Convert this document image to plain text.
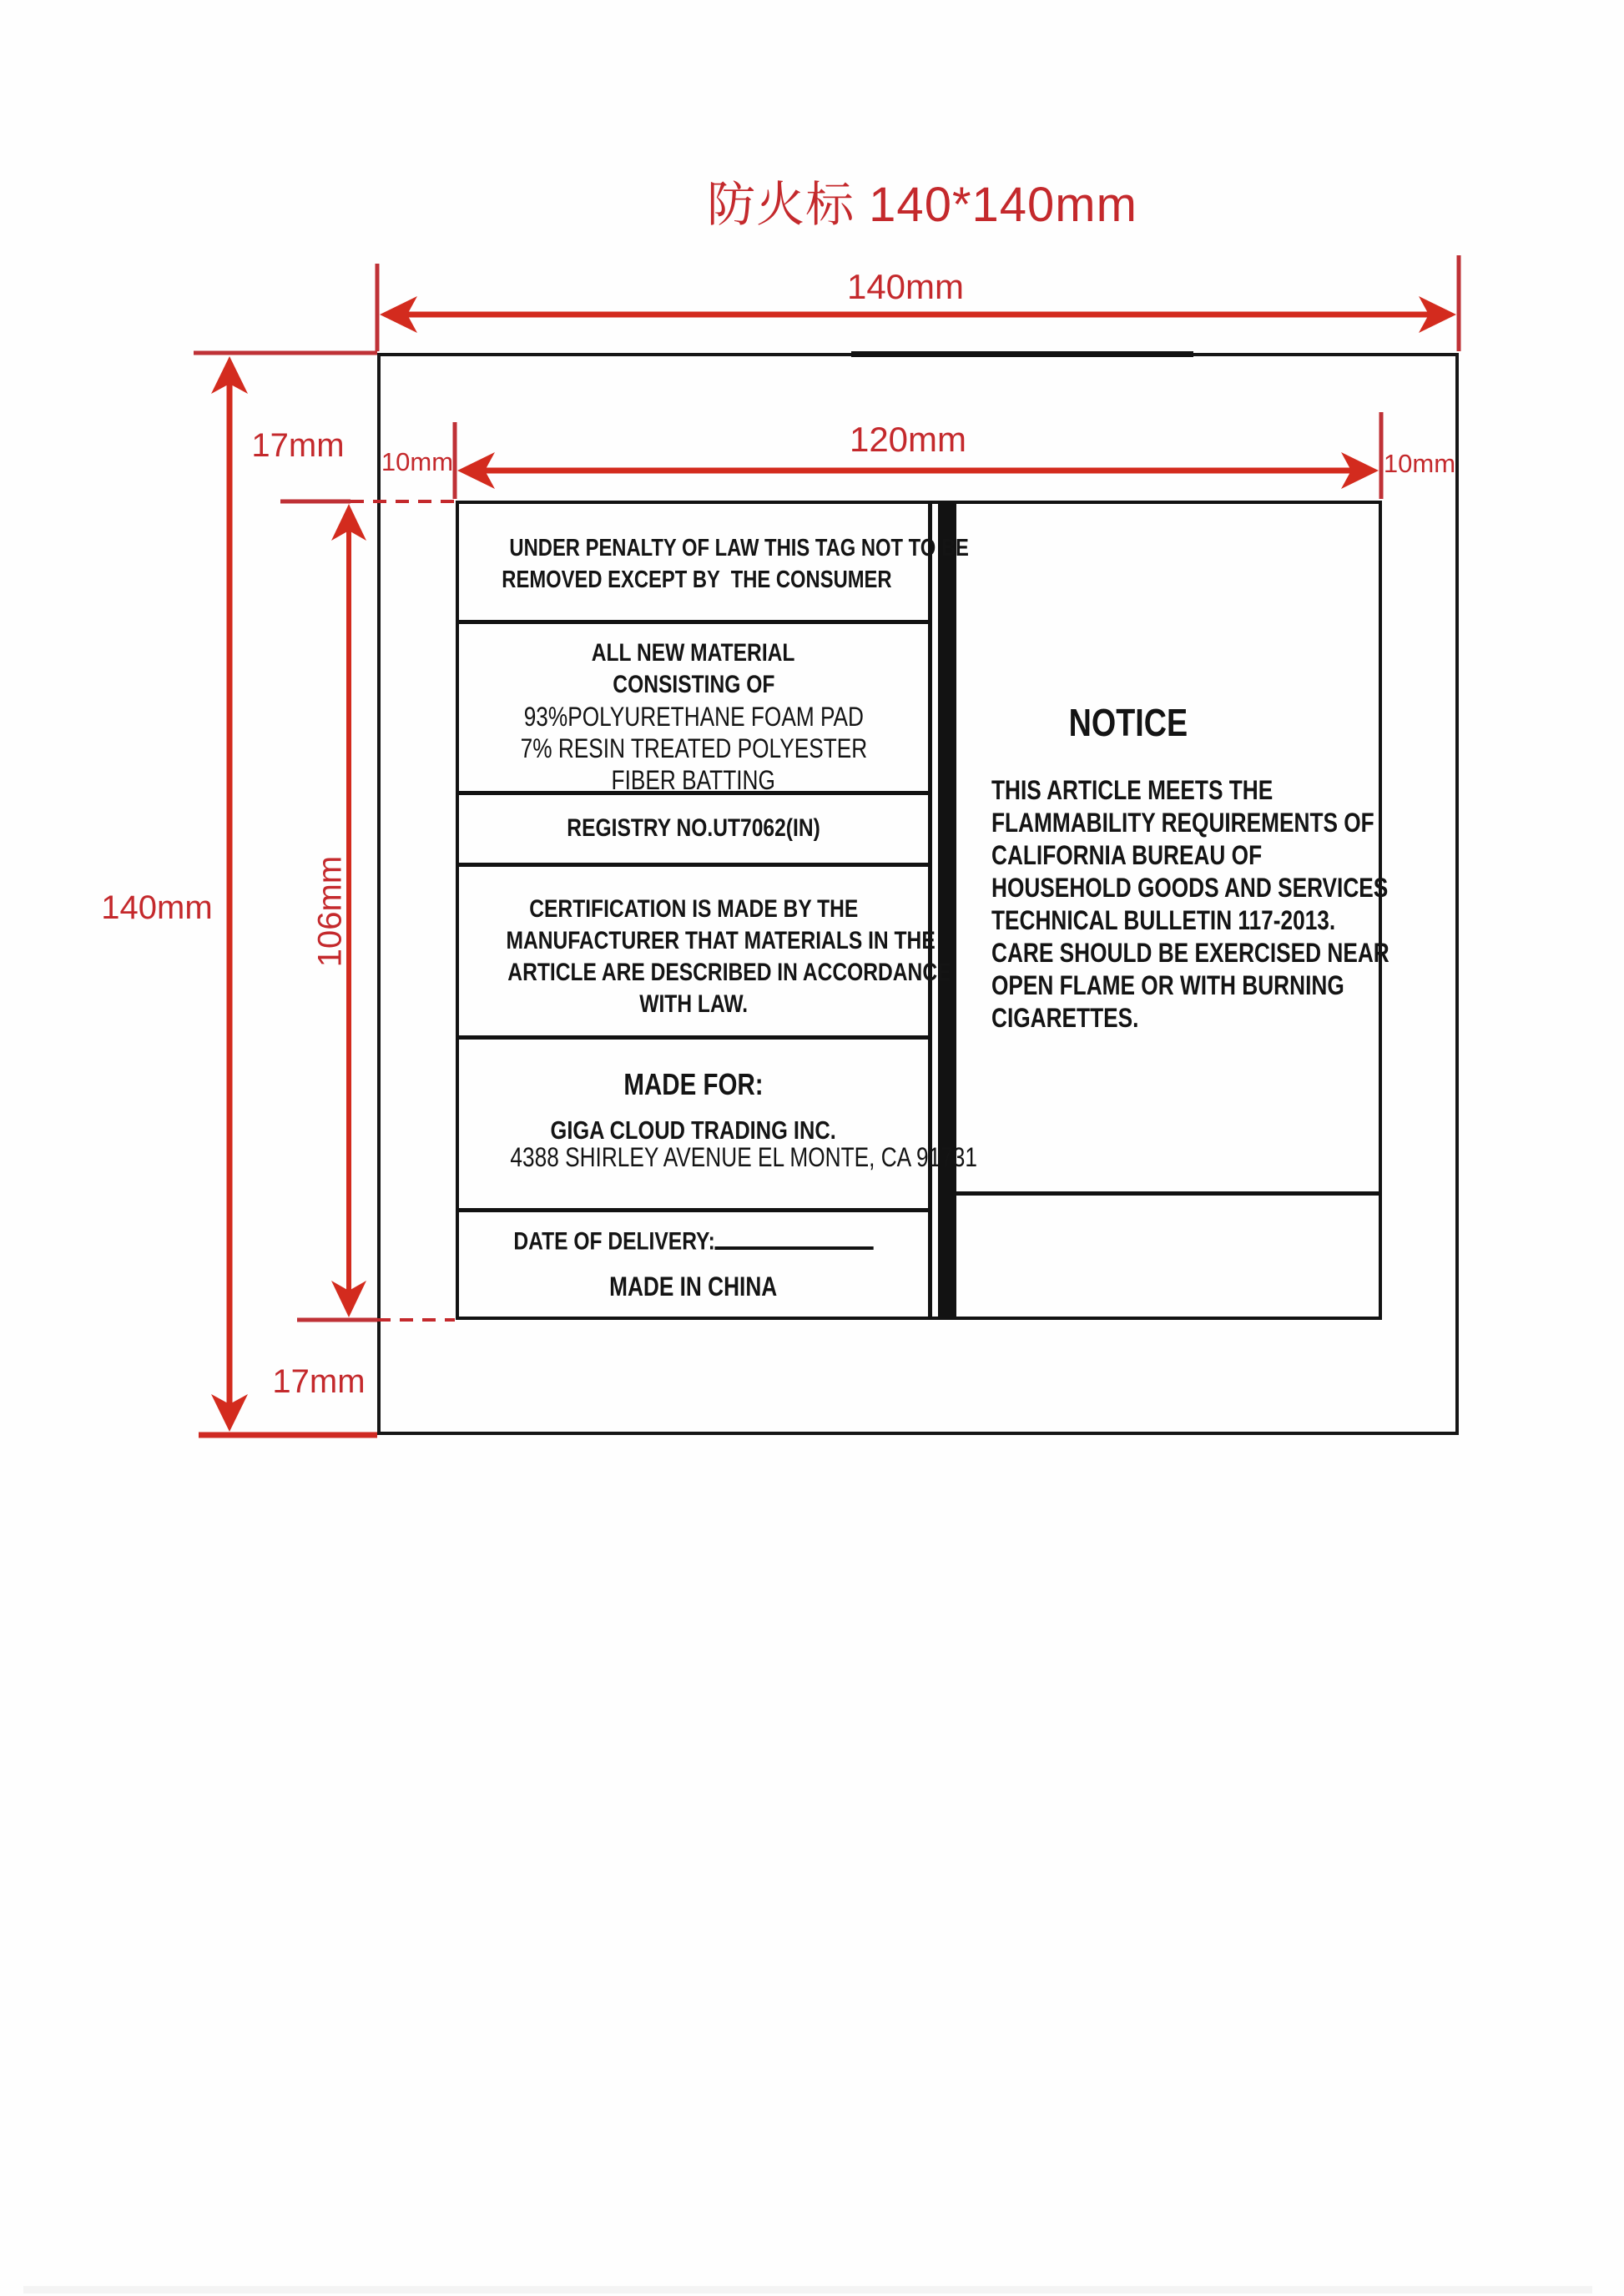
防火标 140*140mm
UNDER PENALTY OF LAW THIS TAG NOT TO BE
REMOVED EXCEPT BY  THE CONSUMER
ALL NEW MATERIAL
CONSISTING OF
93%POLYURETHANE FOAM PAD
7% RESIN TREATED POLYESTER
FIBER BATTING
REGISTRY NO.UT7062(IN)
CERTIFICATION IS MADE BY THE
MANUFACTURER THAT MATERIALS IN THE
ARTICLE ARE DESCRIBED IN ACCORDANCE
WITH LAW.
MADE FOR:
GIGA CLOUD TRADING INC.
4388 SHIRLEY AVENUE EL MONTE, CA 91731
DATE OF DELIVERY:
MADE IN CHINA
NOTICE
THIS ARTICLE MEETS THE
FLAMMABILITY REQUIREMENTS OF
CALIFORNIA BUREAU OF
HOUSEHOLD GOODS AND SERVICES
TECHNICAL BULLETIN 117-2013.
CARE SHOULD BE EXERCISED NEAR
OPEN FLAME OR WITH BURNING
CIGARETTES.
140mm
120mm
17mm	10mm	10mm
140mm	106mm
17mm
